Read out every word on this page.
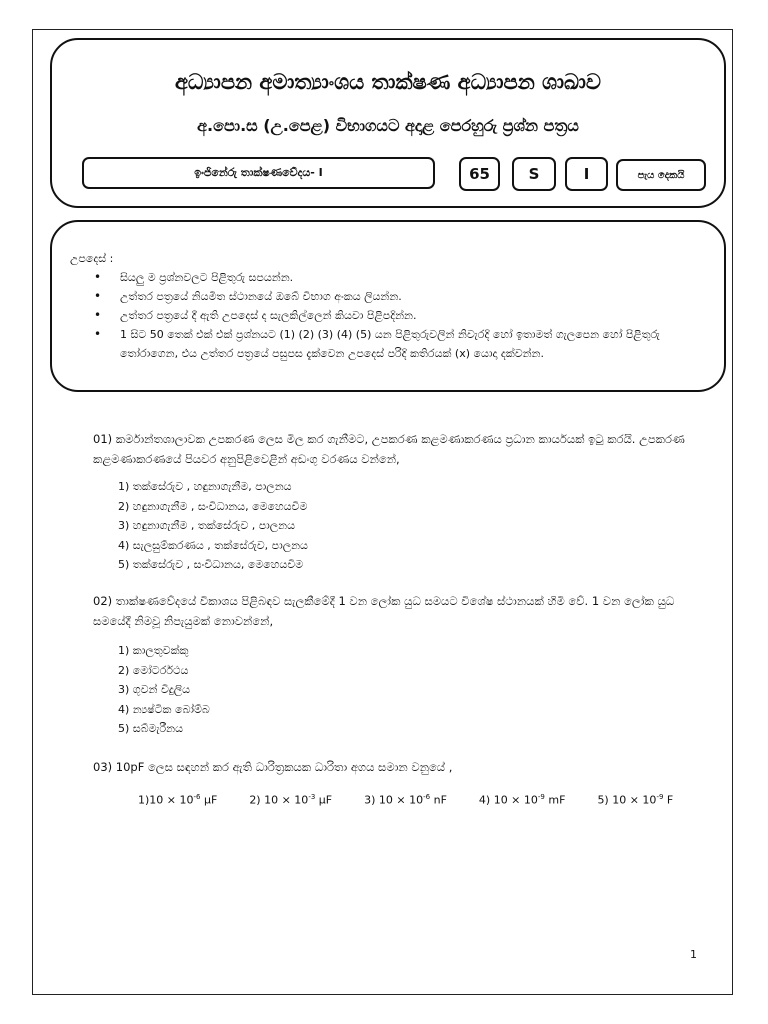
අධ්‍යාපන අමාත්‍යාංශය තාක්ෂණ අධ්‍යාපන ශාඛාව
අ.පො.ස (උ.පෙළ) විභාගයට අදාළ පෙරහුරු ප්‍රශ්න පත්‍රය
ඉංජිනේරු තාක්ෂණවේදය- I	65	S	I	පැය දෙකයි
උපදෙස් :
• සියලු ම ප්‍රශ්නවලට පිළිතුරු සපයන්න.
• උත්තර පත්‍රයේ නියමිත ස්ථානයේ ඔබේ විභාග අංකය ලියන්න.
• උත්තර පත්‍රයේ දී ඇති උපදෙස් ද සැලකිල්ලෙන් කියවා පිළිපදින්න.
• 1 සිට 50 තෙක් එක් එක් ප්‍රශ්නයට (1) (2) (3) (4) (5) යන පිළිතුරුවලින් නිවැරදි හෝ ඉතාමත් ගැලපෙන හෝ පිළිතුරු තෝරාගෙන, එය උත්තර පත්‍රයේ පසුපස දැක්වෙන උපදෙස් පරිදි කතිරයක් (x) යොදා දක්වන්න.
01) කර්මාන්තශාලාවක උපකරණ ලෙස මිල කර ගැනීමට, උපකරණ කළමණාකරණය ප්‍රධාන කාර්යයක් ඉටු කරයි. උපකරණ කළමණාකරණයේ පියවර අනුපිළිවෙළින් අඩංගු වරණය වන්නේ,
1) තක්සේරුව , හඳුනාගැනීම, පාලනය
2) හඳුනාගැනීම , සංවිධානය, මෙහෙයවීම
3) හඳුනාගැනීම , තක්සේරුව , පාලනය
4) සැලසුම්කරණය , තක්සේරුව, පාලනය
5) තක්සේරුව , සංවිධානය, මෙහෙයවීම
02) තාක්ෂණවේදයේ විකාශය පිළිබඳව සැලකීමේදී 1 වන ලෝක යුධ සමයට විශේෂ ස්ථානයක් හිමි වේ. 1 වන ලෝක යුධ සමයේදී නිමවූ නිපැයුමක් නොවන්නේ,
1) කාලතුවක්කු
2) මෝටර්රථය
3) ගුවන් විදුලිය
4) න්‍යෂ්ටික බෝම්බ
5) සබ්මැරීනය
03) 10pF ලෙස සඳහන් කර ඇති ධාරිත්‍රකයක ධාරිතා අගය සමාන වනුයේ ,
$1)10 \times 10^{-6}$ μF	2) $10 \times 10^{-3}$ μF	3) $10 \times 10^{-6}$ nF	4) $10 \times 10^{-9}$ mF	5) $10 \times 10^{-9}$ F
1
